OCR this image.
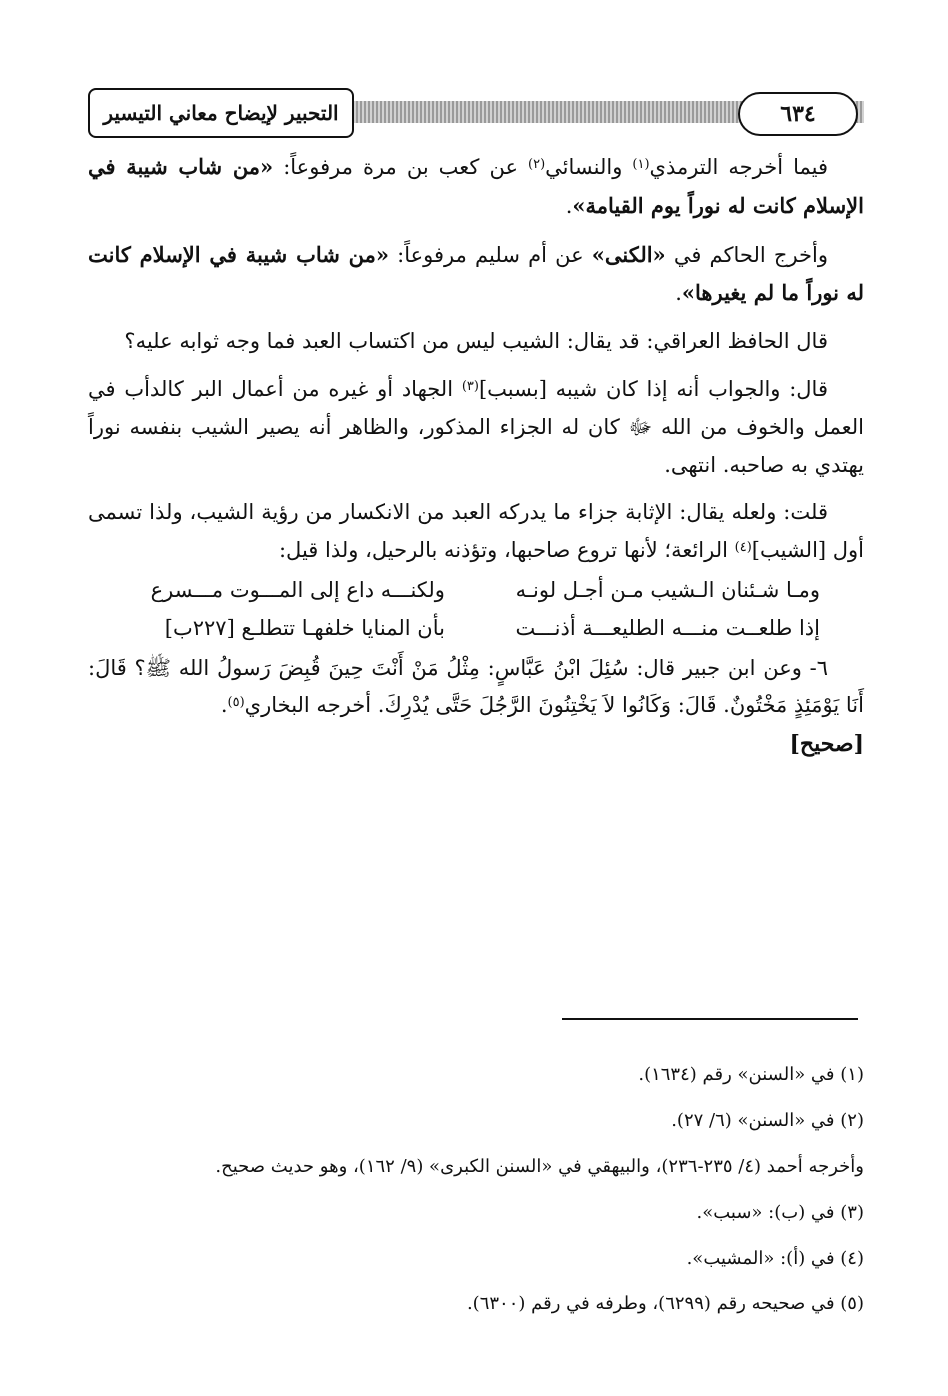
٦٣٤
التحبير لإيضاح معاني التيسير

فيما أخرجه الترمذي$^{(١)}$ والنسائي$^{(٢)}$ عن كعب بن مرة مرفوعاً: «من شاب شيبة في الإسلام كانت له نوراً يوم القيامة».

وأخرج الحاكم في «الكنى» عن أم سليم مرفوعاً: «من شاب شيبة في الإسلام كانت له نوراً ما لم يغيرها».

قال الحافظ العراقي: قد يقال: الشيب ليس من اكتساب العبد فما وجه ثوابه عليه؟

قال: والجواب أنه إذا كان شيبه [بسبب]$^{(٣)}$ الجهاد أو غيره من أعمال البر كالدأب في العمل والخوف من الله ﷻ كان له الجزاء المذكور، والظاهر أنه يصير الشيب بنفسه نوراً يهتدي به صاحبه. انتهى.

قلت: ولعله يقال: الإثابة جزاء ما يدركه العبد من الانكسار من رؤية الشيب، ولذا تسمى أول [الشيب]$^{(٤)}$ الرائعة؛ لأنها تروع صاحبها، وتؤذنه بالرحيل، ولذا قيل:

ومـا شـئنان الـشيب مـن أجـل لونـه
ولكنـــه داع إلى المـــوت مـــسرع
إذا طلعــت منـــه الطليعـــة أذنـــت
بأن المنايا خلفهـا تتطلـع [٢٢٧ب]

٦- وعن ابن جبير قال: سُئِلَ ابْنُ عَبَّاسٍ: مِثْلُ مَنْ أَنْتَ حِينَ قُبِضَ رَسولُ الله ﷺ؟ قَالَ: أَنَا يَوْمَئِذٍ مَخْتُونٌ. قَالَ: وَكَانُوا لاَ يَخْتِنُونَ الرَّجُلَ حَتَّى يُدْرِكَ. أخرجه البخاري$^{(٥)}$.

[صحيح]

(١) في «السنن» رقم (١٦٣٤).

(٢) في «السنن» (٦/ ٢٧).

وأخرجه أحمد (٤/ ٢٣٥-٢٣٦)، والبيهقي في «السنن الكبرى» (٩/ ١٦٢)، وهو حديث صحيح.

(٣) في (ب): «سبب».

(٤) في (أ): «المشيب».

(٥) في صحيحه رقم (٦٢٩٩)، وطرفه في رقم (٦٣٠٠).
